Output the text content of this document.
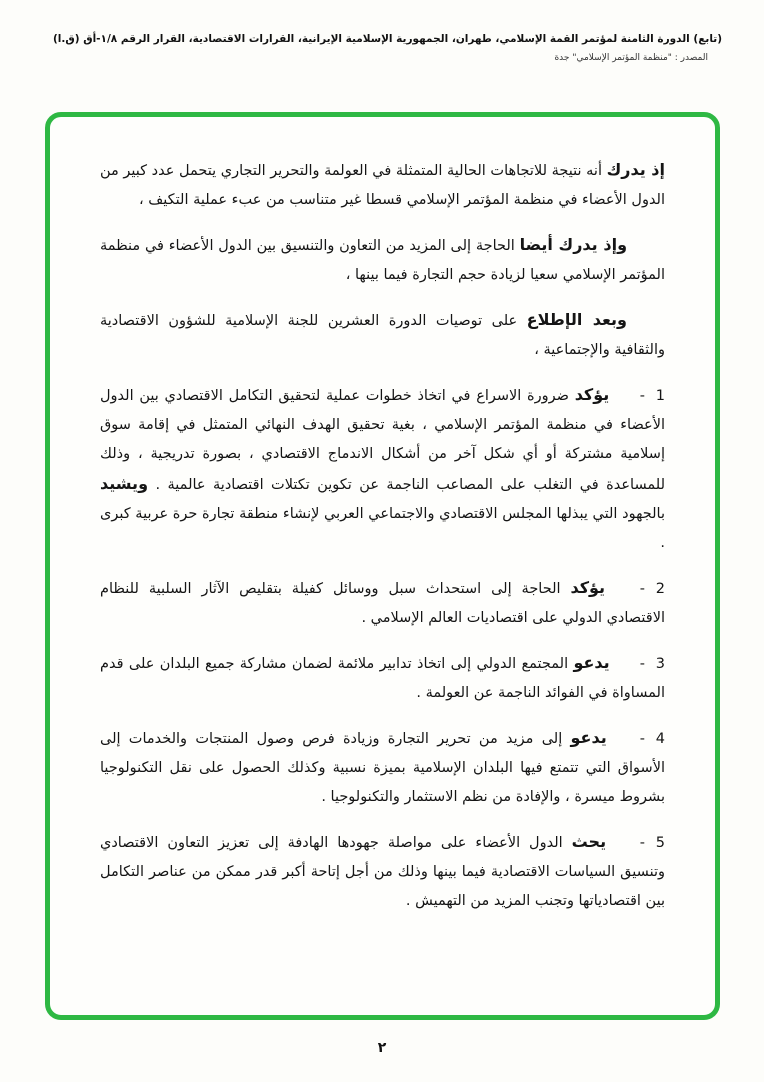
(تابع) الدورة الثامنة لمؤتمر القمة الإسلامي، طهران، الجمهورية الإسلامية الإيرانية، القرارات الاقتصادية، القرار الرقم ١/٨-أق (ق.ا)
المصدر : "منظمة المؤتمر الإسلامي" جدة

إذ يدرك أنه نتيجة للاتجاهات الحالية المتمثلة في العولمة والتحرير التجاري يتحمل عدد كبير من الدول الأعضاء في منظمة المؤتمر الإسلامي قسطا غير متناسب من عبء عملية التكيف ،

وإذ يدرك أيضا الحاجة إلى المزيد من التعاون والتنسيق بين الدول الأعضاء في منظمة المؤتمر الإسلامي سعيا لزيادة حجم التجارة فيما بينها ،

وبعد الإطلاع على توصيات الدورة العشرين للجنة الإسلامية للشؤون الاقتصادية والثقافية والإجتماعية ،

1- يؤكد ضرورة الاسراع في اتخاذ خطوات عملية لتحقيق التكامل الاقتصادي بين الدول الأعضاء في منظمة المؤتمر الإسلامي ، بغية تحقيق الهدف النهائي المتمثل في إقامة سوق إسلامية مشتركة أو أي شكل آخر من أشكال الاندماج الاقتصادي ، بصورة تدريجية ، وذلك للمساعدة في التغلب على المصاعب الناجمة عن تكوين تكتلات اقتصادية عالمية . ويشيد بالجهود التي يبذلها المجلس الاقتصادي والاجتماعي العربي لإنشاء منطقة تجارة حرة عربية كبرى .

2- يؤكد الحاجة إلى استحداث سبل ووسائل كفيلة بتقليص الآثار السلبية للنظام الاقتصادي الدولي على اقتصاديات العالم الإسلامي .

3- يدعو المجتمع الدولي إلى اتخاذ تدابير ملائمة لضمان مشاركة جميع البلدان على قدم المساواة في الفوائد الناجمة عن العولمة .

4- يدعو إلى مزيد من تحرير التجارة وزيادة فرص وصول المنتجات والخدمات إلى الأسواق التي تتمتع فيها البلدان الإسلامية بميزة نسبية وكذلك الحصول على نقل التكنولوجيا بشروط ميسرة ، والإفادة من نظم الاستثمار والتكنولوجيا .

5- يحث الدول الأعضاء على مواصلة جهودها الهادفة إلى تعزيز التعاون الاقتصادي وتنسيق السياسات الاقتصادية فيما بينها وذلك من أجل إتاحة أكبر قدر ممكن من عناصر التكامل بين اقتصادياتها وتجنب المزيد من التهميش .

٢
